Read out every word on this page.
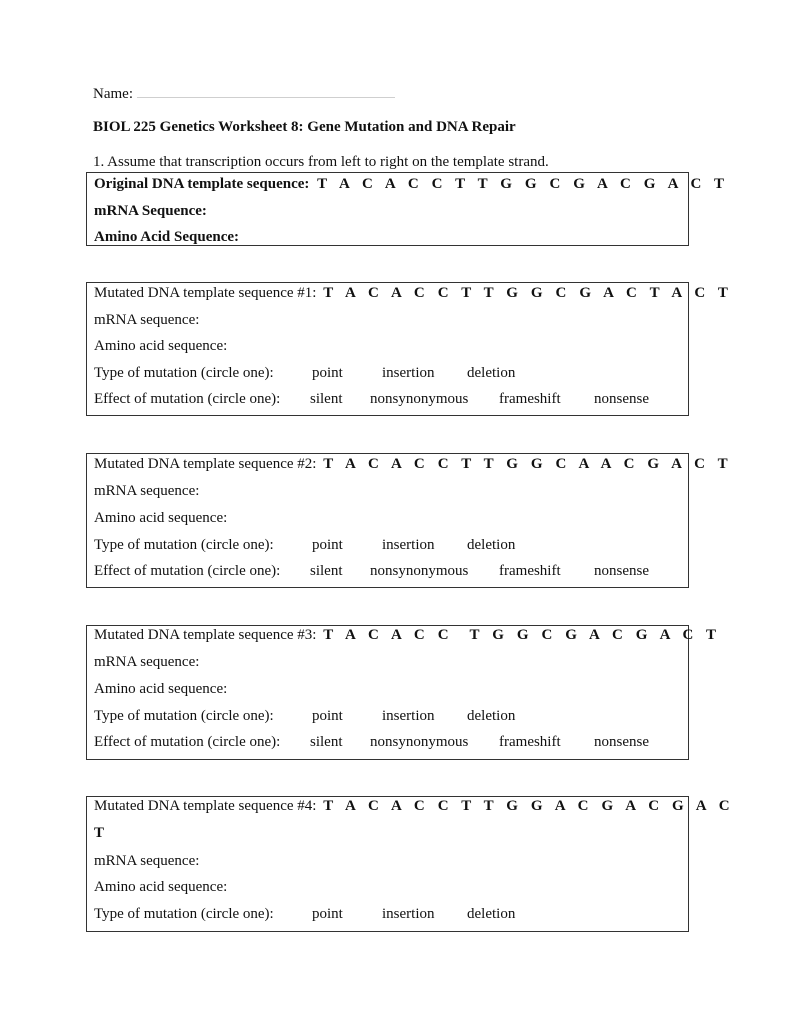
Name:
BIOL 225 Genetics Worksheet 8: Gene Mutation and DNA Repair
1. Assume that transcription occurs from left to right on the template strand.
Original DNA template sequence: T A C A C C T T G G C G A C G A C T
mRNA Sequence:
Amino Acid Sequence:
Mutated DNA template sequence #1: T A C A C C T T G G C G A C T A C T
mRNA sequence:
Amino acid sequence:
Type of mutation (circle one):	point	insertion deletion
Effect of mutation (circle one): silent nonsynonymous frameshift nonsense
Mutated DNA template sequence #2: T A C A C C T T G G C A A C G A C T
mRNA sequence:
Amino acid sequence:
Type of mutation (circle one):	point	insertion deletion
Effect of mutation (circle one): silent nonsynonymous frameshift nonsense
Mutated DNA template sequence #3: T A C A C C  T G G C G A C G A C T
mRNA sequence:
Amino acid sequence:
Type of mutation (circle one):	point	insertion deletion
Effect of mutation (circle one): silent nonsynonymous frameshift nonsense
Mutated DNA template sequence #4: T A C A C C T T G G A C G A C G A C
T
mRNA sequence:
Amino acid sequence:
Type of mutation (circle one):	point	insertion deletion
